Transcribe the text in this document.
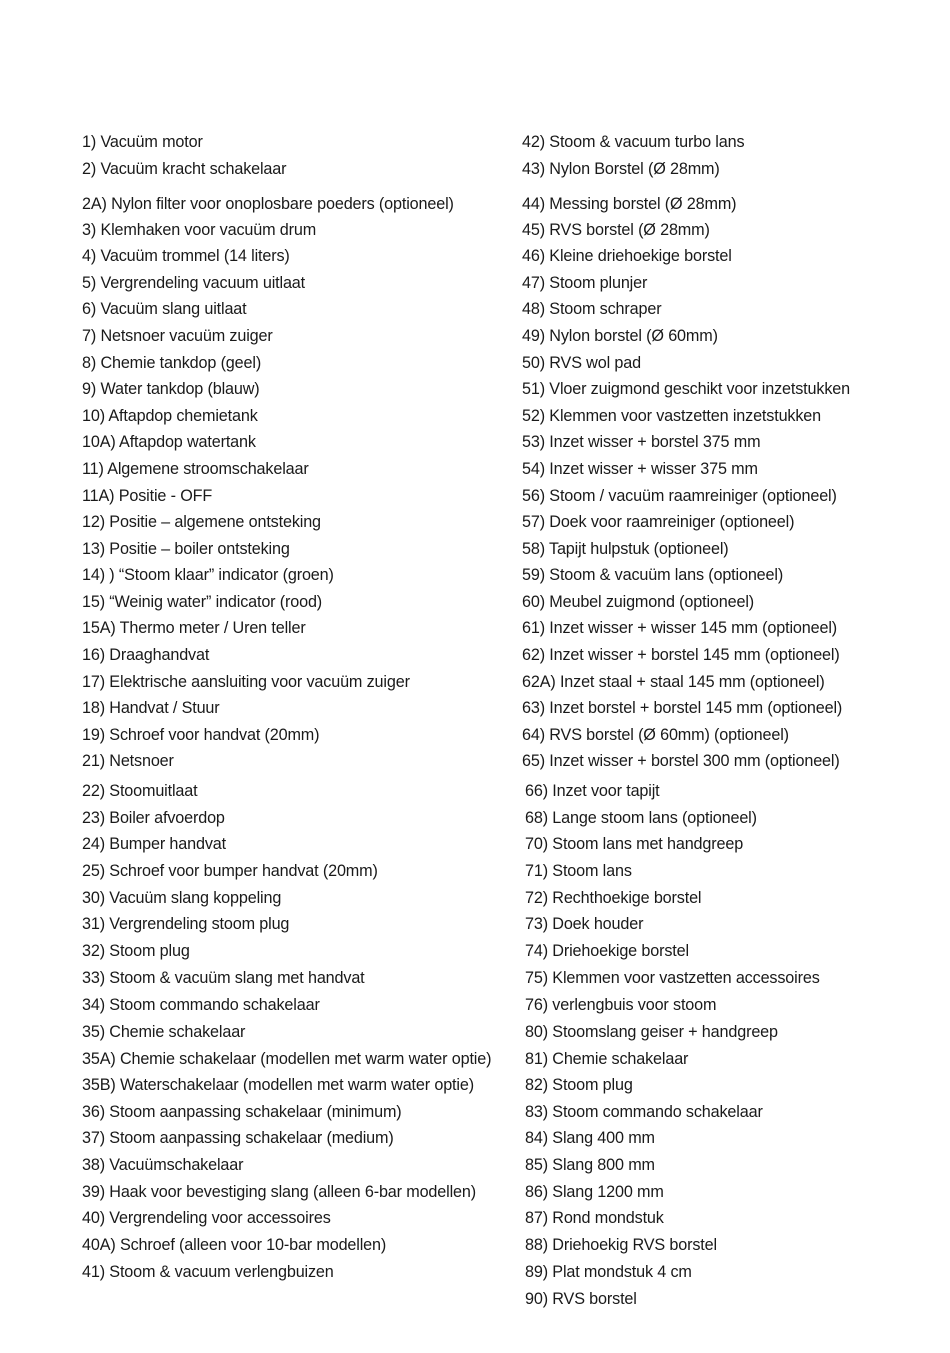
1) Vacuüm motor
2) Vacuüm kracht schakelaar
2A) Nylon filter voor onoplosbare poeders (optioneel)
3) Klemhaken voor vacuüm drum
4) Vacuüm trommel (14 liters)
5) Vergrendeling vacuum uitlaat
6) Vacuüm slang uitlaat
7) Netsnoer vacuüm zuiger
8) Chemie tankdop (geel)
9) Water tankdop (blauw)
10) Aftapdop chemietank
10A) Aftapdop watertank
11) Algemene stroomschakelaar
11A) Positie - OFF
12) Positie – algemene ontsteking
13) Positie – boiler ontsteking
14) ) “Stoom klaar” indicator (groen)
15) “Weinig water” indicator (rood)
15A) Thermo meter / Uren teller
16) Draaghandvat
17) Elektrische aansluiting voor vacuüm zuiger
18) Handvat / Stuur
19) Schroef voor handvat (20mm)
21) Netsnoer
22) Stoomuitlaat
23) Boiler afvoerdop
24) Bumper handvat
25) Schroef voor bumper handvat (20mm)
30) Vacuüm slang koppeling
31) Vergrendeling stoom plug
32) Stoom plug
33) Stoom & vacuüm slang met handvat
34) Stoom commando schakelaar
35) Chemie schakelaar
35A) Chemie schakelaar (modellen met warm water optie)
35B) Waterschakelaar (modellen met warm water optie)
36) Stoom aanpassing schakelaar (minimum)
37) Stoom aanpassing schakelaar (medium)
38) Vacuümschakelaar
39) Haak voor bevestiging slang (alleen 6-bar modellen)
40) Vergrendeling voor accessoires
40A) Schroef (alleen voor 10-bar modellen)
41) Stoom & vacuum verlengbuizen
42) Stoom & vacuum turbo lans
43) Nylon Borstel (Ø 28mm)
44) Messing borstel (Ø 28mm)
45) RVS borstel (Ø 28mm)
46) Kleine driehoekige borstel
47) Stoom plunjer
48) Stoom schraper
49) Nylon borstel (Ø 60mm)
50) RVS wol pad
51) Vloer zuigmond geschikt voor inzetstukken
52) Klemmen voor vastzetten inzetstukken
53) Inzet wisser + borstel 375 mm
54) Inzet wisser + wisser 375 mm
56) Stoom / vacuüm raamreiniger (optioneel)
57) Doek voor raamreiniger (optioneel)
58) Tapijt hulpstuk (optioneel)
59) Stoom & vacuüm lans (optioneel)
60) Meubel zuigmond (optioneel)
61) Inzet wisser + wisser 145 mm (optioneel)
62) Inzet wisser + borstel 145 mm (optioneel)
62A) Inzet staal + staal 145 mm (optioneel)
63) Inzet borstel + borstel 145 mm (optioneel)
64) RVS borstel (Ø 60mm) (optioneel)
65) Inzet wisser + borstel 300 mm (optioneel)
66) Inzet voor tapijt
68) Lange stoom lans (optioneel)
70) Stoom lans met handgreep
71) Stoom lans
72) Rechthoekige borstel
73) Doek houder
74) Driehoekige borstel
75) Klemmen voor vastzetten accessoires
76) verlengbuis voor stoom
80) Stoomslang geiser + handgreep
81) Chemie schakelaar
82) Stoom plug
83) Stoom commando schakelaar
84) Slang 400 mm
85) Slang 800 mm
86) Slang 1200 mm
87) Rond mondstuk
88) Driehoekig RVS borstel
89) Plat mondstuk 4 cm
90) RVS borstel
